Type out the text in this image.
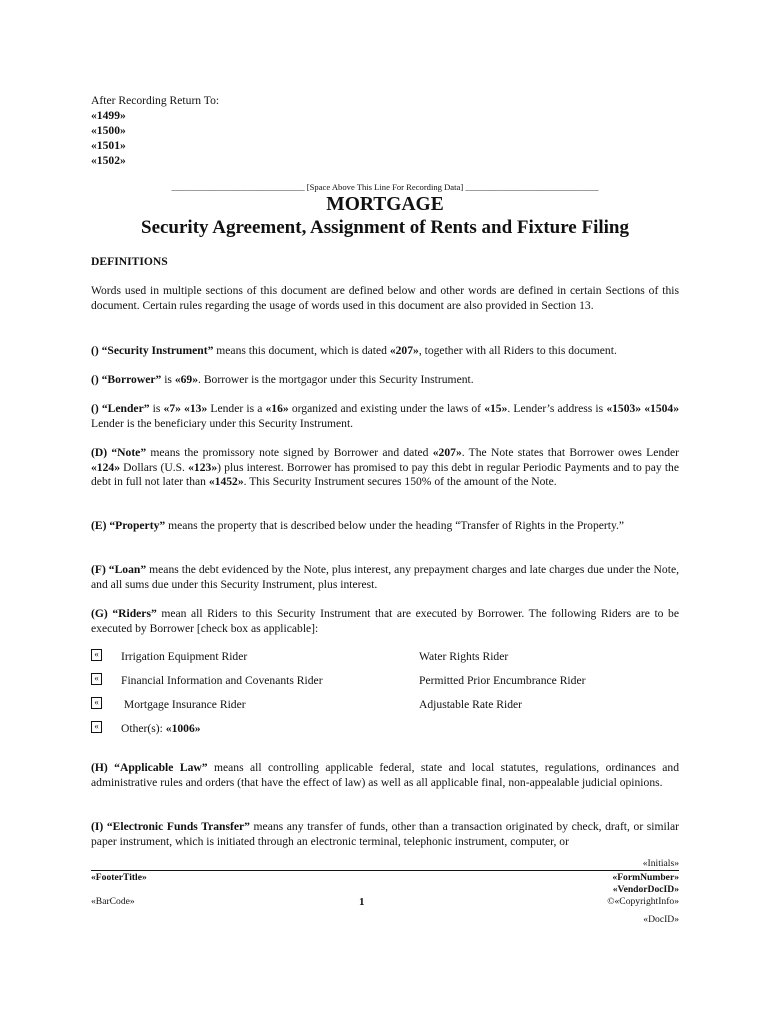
After Recording Return To:
«1499»
«1500»
«1501»
«1502»
_______________________________ [Space Above This Line For Recording Data] _______________________________
MORTGAGE
Security Agreement, Assignment of Rents and Fixture Filing
DEFINITIONS
Words used in multiple sections of this document are defined below and other words are defined in certain Sections of this document. Certain rules regarding the usage of words used in this document are also provided in Section 13.
() “Security Instrument” means this document, which is dated «207», together with all Riders to this document.
() “Borrower” is «69». Borrower is the mortgagor under this Security Instrument.
() “Lender” is «7» «13» Lender is a «16» organized and existing under the laws of «15». Lender’s address is «1503» «1504» Lender is the beneficiary under this Security Instrument.
(D) “Note” means the promissory note signed by Borrower and dated «207». The Note states that Borrower owes Lender «124» Dollars (U.S. «123») plus interest. Borrower has promised to pay this debt in regular Periodic Payments and to pay the debt in full not later than «1452». This Security Instrument secures 150% of the amount of the Note.
(E) “Property” means the property that is described below under the heading “Transfer of Rights in the Property.”
(F) “Loan” means the debt evidenced by the Note, plus interest, any prepayment charges and late charges due under the Note, and all sums due under this Security Instrument, plus interest.
(G) “Riders” mean all Riders to this Security Instrument that are executed by Borrower. The following Riders are to be executed by Borrower [check box as applicable]:
« Irrigation Equipment Rider	Water Rights Rider
« Financial Information and Covenants Rider	Permitted Prior Encumbrance Rider
« Mortgage Insurance Rider	Adjustable Rate Rider
« Other(s): «1006»
(H) “Applicable Law” means all controlling applicable federal, state and local statutes, regulations, ordinances and administrative rules and orders (that have the effect of law) as well as all applicable final, non-appealable judicial opinions.
(I) “Electronic Funds Transfer” means any transfer of funds, other than a transaction originated by check, draft, or similar paper instrument, which is initiated through an electronic terminal, telephonic instrument, computer, or
«Initials»
«FooterTitle»	«FormNumber»
«VendorDocID»
«BarCode»	1	©«CopyrightInfo»
«DocID»
